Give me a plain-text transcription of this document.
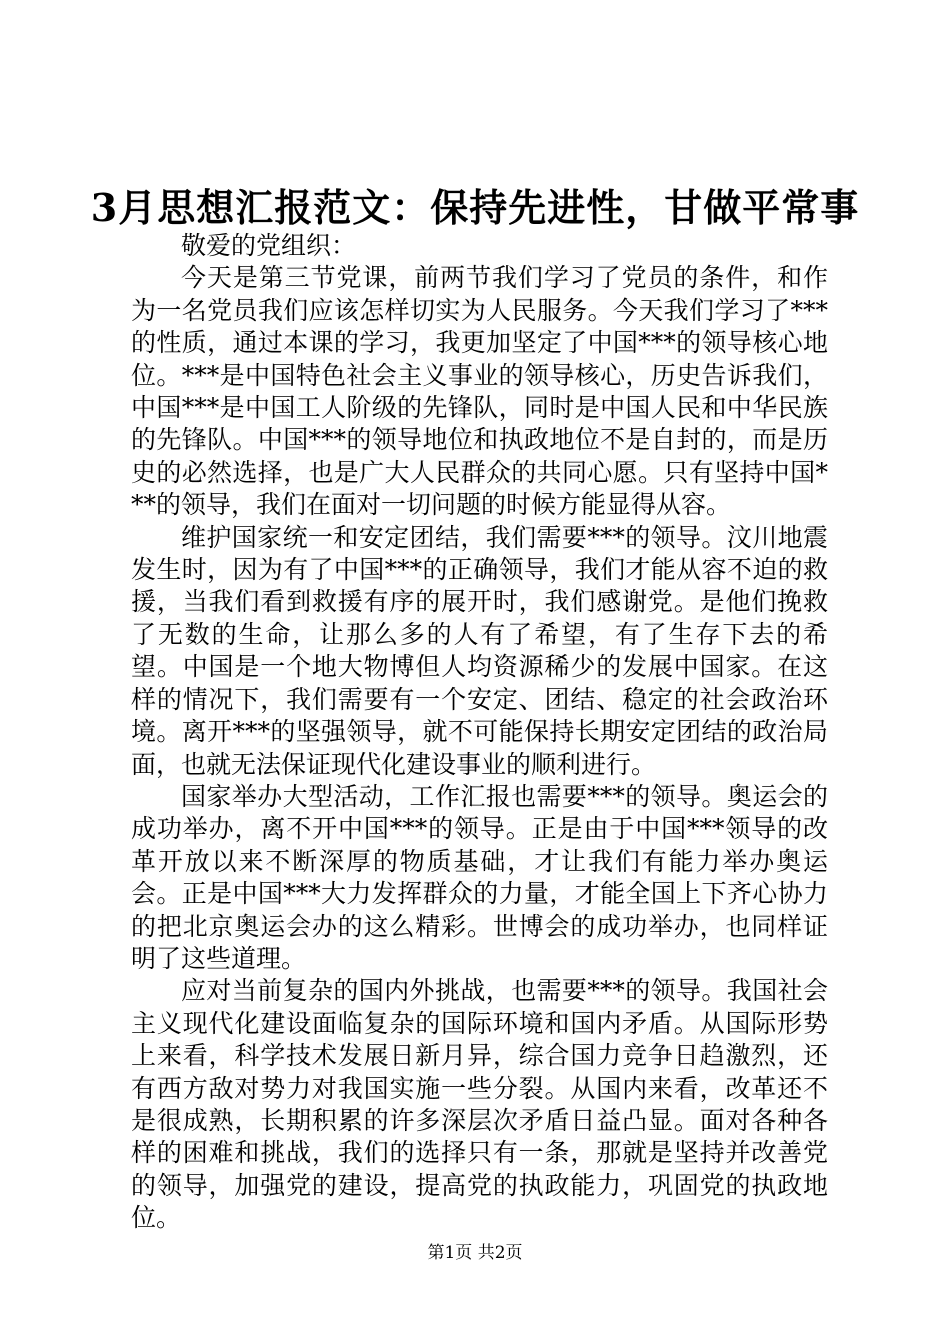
3月思想汇报范文：保持先进性，甘做平常事

敬爱的党组织：

今天是第三节党课，前两节我们学习了党员的条件，和作为一名党员我们应该怎样切实为人民服务。今天我们学习了***的性质，通过本课的学习，我更加坚定了中国***的领导核心地位。***是中国特色社会主义事业的领导核心，历史告诉我们，中国***是中国工人阶级的先锋队，同时是中国人民和中华民族的先锋队。中国***的领导地位和执政地位不是自封的，而是历史的必然选择，也是广大人民群众的共同心愿。只有坚持中国***的领导，我们在面对一切问题的时候方能显得从容。

维护国家统一和安定团结，我们需要***的领导。汶川地震发生时，因为有了中国***的正确领导，我们才能从容不迫的救援，当我们看到救援有序的展开时，我们感谢党。是他们挽救了无数的生命，让那么多的人有了希望，有了生存下去的希望。中国是一个地大物博但人均资源稀少的发展中国家。在这样的情况下，我们需要有一个安定、团结、稳定的社会政治环境。离开***的坚强领导，就不可能保持长期安定团结的政治局面，也就无法保证现代化建设事业的顺利进行。

国家举办大型活动，工作汇报也需要***的领导。奥运会的成功举办，离不开中国***的领导。正是由于中国***领导的改革开放以来不断深厚的物质基础，才让我们有能力举办奥运会。正是中国***大力发挥群众的力量，才能全国上下齐心协力的把北京奥运会办的这么精彩。世博会的成功举办，也同样证明了这些道理。

应对当前复杂的国内外挑战，也需要***的领导。我国社会主义现代化建设面临复杂的国际环境和国内矛盾。从国际形势上来看，科学技术发展日新月异，综合国力竞争日趋激烈，还有西方敌对势力对我国实施一些分裂。从国内来看，改革还不是很成熟，长期积累的许多深层次矛盾日益凸显。面对各种各样的困难和挑战，我们的选择只有一条，那就是坚持并改善党的领导，加强党的建设，提高党的执政能力，巩固党的执政地位。

第1页 共2页
